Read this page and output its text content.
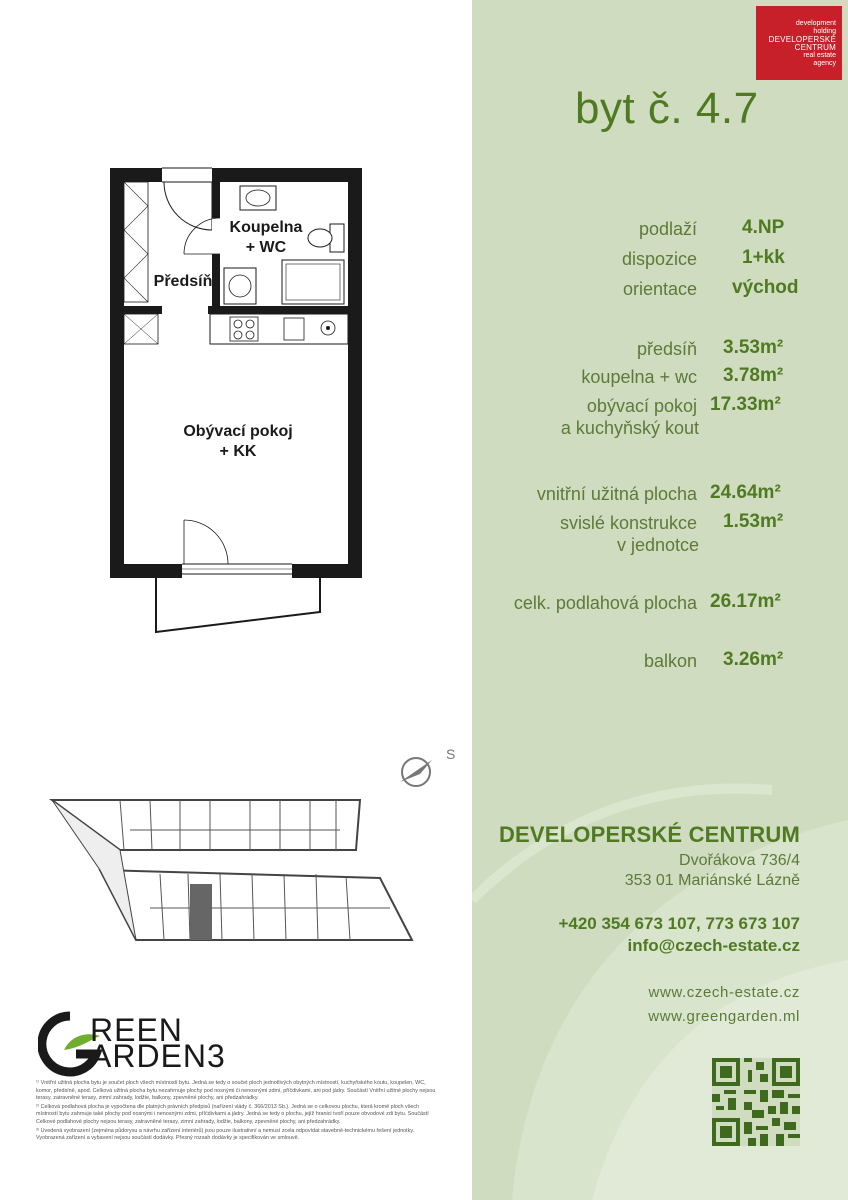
Koupelna
+ WC
Předsíň
Obývací pokoj
+ KK
S
REEN
ARDEN3

¹⁾ Vnitřní užitná plocha bytu je součet ploch všech místností bytu. Jedná se tedy o součet ploch jednotlivých obytných místností, kuchyňského koutu, koupelen, WC, komor, předsíně, apod. Celková užitná plocha bytu nezahrnuje plochy pod nosnými či nenosnými zdmi, příčdivkami, ani pod jádry. Součástí Vnitřní užitné plochy nejsou terasy, zatravněné terasy, zimní zahrady, lodžie, balkony, zpevněné plochy, ani předzahrádky.

²⁾ Celková podlahová plocha je vypočtena dle platných právních předpisů (nařízení vlády č. 366/2013 Sb.). Jedná se o celkovou plochu, která kromě ploch všech místností bytu zahrnuje také plochy pod nosnými i nenosnými zdmi, příčdivkami a jádry. Jedná se tedy o plochu, jejíž hranici tvoří pouze obvodové zdi bytu. Součástí Celkové podlahové plochy nejsou terasy, zatravněné terasy, zimní zahrady, lodžie, balkony, zpevněné plochy, ani předzahrádky.

³⁾ Uvedená vyobrazení (zejména půdorysu a návrhu zařízení interiérů) jsou pouze ilustrativní a nemusí zcela odpovídat stavebně-technickému řešení jednotky. Vyobrazená zařízení a vybavení nejsou součástí dodávky. Přesný rozsah dodávky je specifikován ve smlouvě.

development
holding
DEVELOPERSKÉ
CENTRUM
real estate
agency
byt č. 4.7
podlaží 4.NP
dispozice 1+kk
orientace východ
předsíň 3.53m²
koupelna + wc 3.78m²
obývací pokoj
a kuchyňský kout
17.33m²
vnitřní užitná plocha 24.64m²
svislé konstrukce
v jednotce
1.53m²
celk. podlahová plocha 26.17m²
balkon 3.26m²
DEVELOPERSKÉ CENTRUM
Dvořákova 736/4
353 01 Mariánské Lázně
+420 354 673 107, 773 673 107
info@czech-estate.cz
www.czech-estate.cz
www.greengarden.ml
